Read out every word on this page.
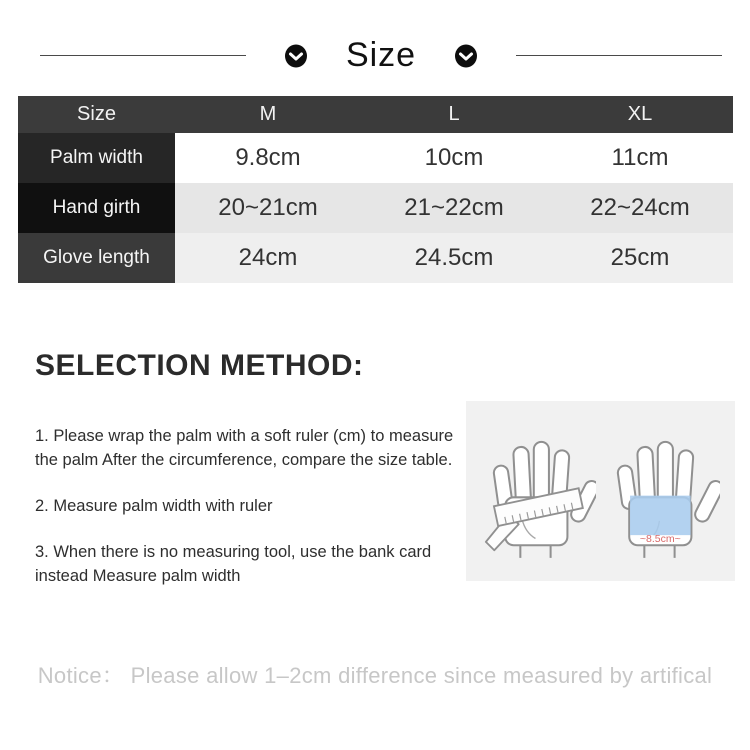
Size
Size	M	L	XL
Palm width	9.8cm	10cm	11cm
Hand girth	20~21cm	21~22cm	22~24cm
Glove length	24cm	24.5cm	25cm
SELECTION METHOD:

1. Please wrap the palm with a soft ruler (cm) to measure the palm After the circumference, compare the size table.

2. Measure palm width with ruler

3. When there is no measuring tool, use the bank card instead Measure palm width

~8.5cm~

Notice： Please allow 1–2cm difference since measured by artifical
